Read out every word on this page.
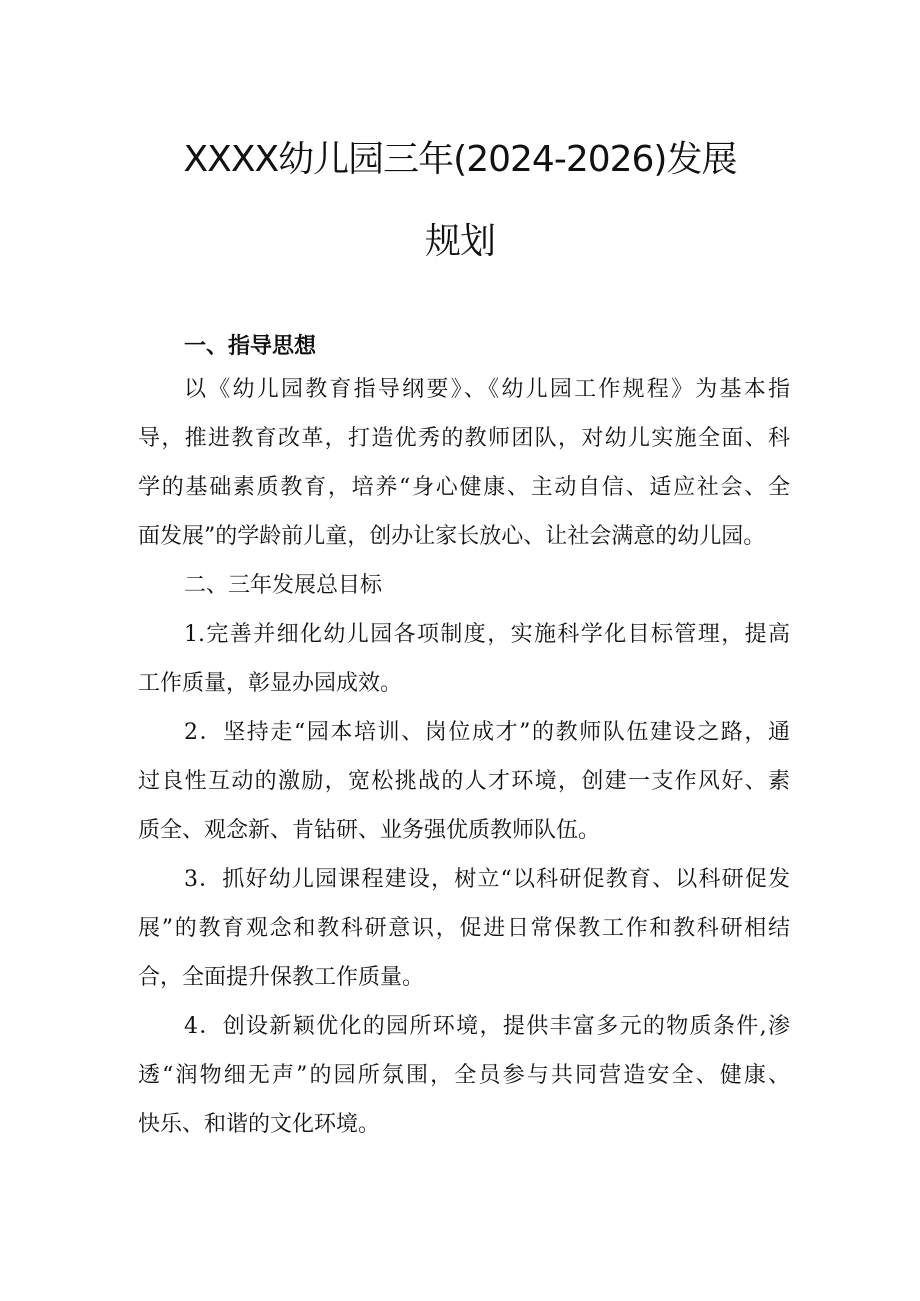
XXXX幼儿园三年(2024-2026)发展
规划
一、指导思想
以《幼儿园教育指导纲要》、《幼儿园工作规程》为基本指
导，推进教育改革，打造优秀的教师团队，对幼儿实施全面、科
学的基础素质教育，培养“身心健康、主动自信、适应社会、全
面发展”的学龄前儿童，创办让家长放心、让社会满意的幼儿园。
二、三年发展总目标
1.完善并细化幼儿园各项制度，实施科学化目标管理，提高
工作质量，彰显办园成效。
2．坚持走“园本培训、岗位成才”的教师队伍建设之路，通
过良性互动的激励，宽松挑战的人才环境，创建一支作风好、素
质全、观念新、肯钻研、业务强优质教师队伍。
3．抓好幼儿园课程建设，树立“以科研促教育、以科研促发
展”的教育观念和教科研意识，促进日常保教工作和教科研相结
合，全面提升保教工作质量。
4．创设新颖优化的园所环境，提供丰富多元的物质条件,渗
透“润物细无声”的园所氛围，全员参与共同营造安全、健康、
快乐、和谐的文化环境。
